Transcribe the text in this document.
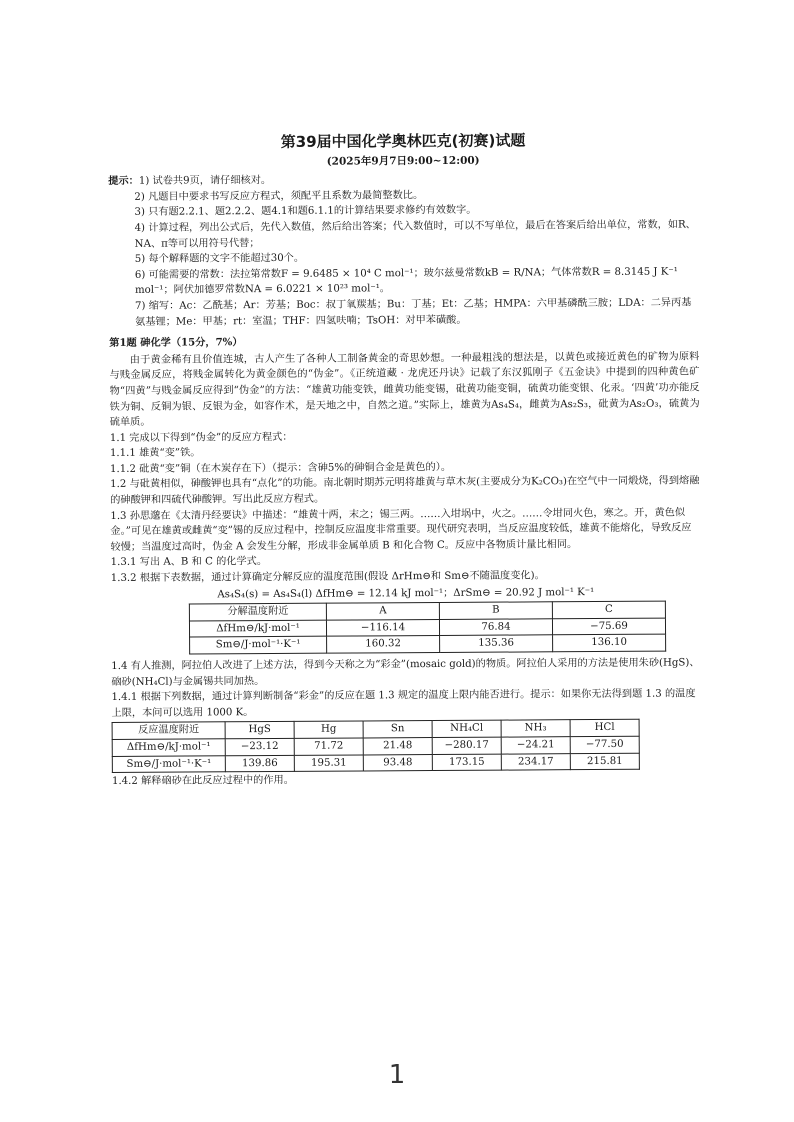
第39届中国化学奥林匹克(初赛)试题
(2025年9月7日9:00~12:00)

提示：1) 试卷共9页，请仔细核对。

2) 凡题目中要求书写反应方程式，须配平且系数为最简整数比。

3) 只有题2.2.1、题2.2.2、题4.1和题6.1.1的计算结果要求修约有效数字。

4) 计算过程，列出公式后，先代入数值，然后给出答案；代入数值时，可以不写单位，最后在答案后给出单位，常数，如R、NA、π等可以用符号代替；

5) 每个解释题的文字不能超过30个。

6) 可能需要的常数：法拉第常数F = 9.6485 × 10⁴ C mol⁻¹；玻尔兹曼常数kB = R/NA；气体常数R = 8.3145 J K⁻¹ mol⁻¹；阿伏加德罗常数NA = 6.0221 × 10²³ mol⁻¹。

7) 缩写：Ac：乙酰基；Ar：芳基；Boc：叔丁氧羰基；Bu：丁基；Et：乙基；HMPA：六甲基磷酰三胺；LDA：二异丙基氨基锂；Me：甲基；rt：室温；THF：四氢呋喃；TsOH：对甲苯磺酸。

第1题 砷化学（15分，7%）

由于黄金稀有且价值连城，古人产生了各种人工制备黄金的奇思妙想。一种最粗浅的想法是，以黄色或接近黄色的矿物为原料与贱金属反应，将贱金属转化为黄金颜色的“伪金”。《正统道藏 · 龙虎还丹诀》记载了东汉狐刚子《五金诀》中提到的四种黄色矿物“四黄”与贱金属反应得到“伪金”的方法：“雄黄功能变铁，雌黄功能变锡，砒黄功能变铜，硫黄功能变银、化汞。‘四黄’功亦能反铁为铜、反铜为银、反银为金，如容作术，是天地之中，自然之道。”实际上，雄黄为As₄S₄，雌黄为As₂S₃，砒黄为As₂O₃，硫黄为硫单质。

1.1 完成以下得到“伪金”的反应方程式：

1.1.1 雄黄“变”铁。

1.1.2 砒黄“变”铜（在木炭存在下）（提示：含砷5%的砷铜合金是黄色的）。

1.2 与砒黄相似，砷酸钾也具有“点化”的功能。南北朝时期苏元明将雄黄与草木灰(主要成分为K₂CO₃)在空气中一同煅烧，得到熔融的砷酸钾和四硫代砷酸钾。写出此反应方程式。

1.3 孙思邈在《太清丹经要诀》中描述：“雄黄十两，末之；锡三两。……入坩埚中，火之。……令坩同火色，寒之。开，黄色似金。”可见在雄黄或雌黄“变”锡的反应过程中，控制反应温度非常重要。现代研究表明，当反应温度较低，雄黄不能熔化，导致反应较慢；当温度过高时，伪金 A 会发生分解，形成非金属单质 B 和化合物 C。反应中各物质计量比相同。

1.3.1 写出 A、B 和 C 的化学式。

1.3.2 根据下表数据，通过计算确定分解反应的温度范围(假设 ΔrHm⊖和 Sm⊖不随温度变化)。

As₄S₄(s) = As₄S₄(l) ΔfHm⊖ = 12.14 kJ mol⁻¹；ΔrSm⊖ = 20.92 J mol⁻¹ K⁻¹

分解温度附近	A	B	C
ΔfHm⊖/kJ·mol⁻¹	−116.14	76.84	−75.69
Sm⊖/J·mol⁻¹·K⁻¹	160.32	135.36	136.10

1.4 有人推测，阿拉伯人改进了上述方法，得到今天称之为“彩金”(mosaic gold)的物质。阿拉伯人采用的方法是使用朱砂(HgS)、硇砂(NH₄Cl)与金属锡共同加热。

1.4.1 根据下列数据，通过计算判断制备“彩金”的反应在题 1.3 规定的温度上限内能否进行。提示：如果你无法得到题 1.3 的温度上限，本问可以选用 1000 K。

反应温度附近	HgS	Hg	Sn	NH₄Cl	NH₃	HCl
ΔfHm⊖/kJ·mol⁻¹	−23.12	71.72	21.48	−280.17	−24.21	−77.50
Sm⊖/J·mol⁻¹·K⁻¹	139.86	195.31	93.48	173.15	234.17	215.81

1.4.2 解释硇砂在此反应过程中的作用。

1
